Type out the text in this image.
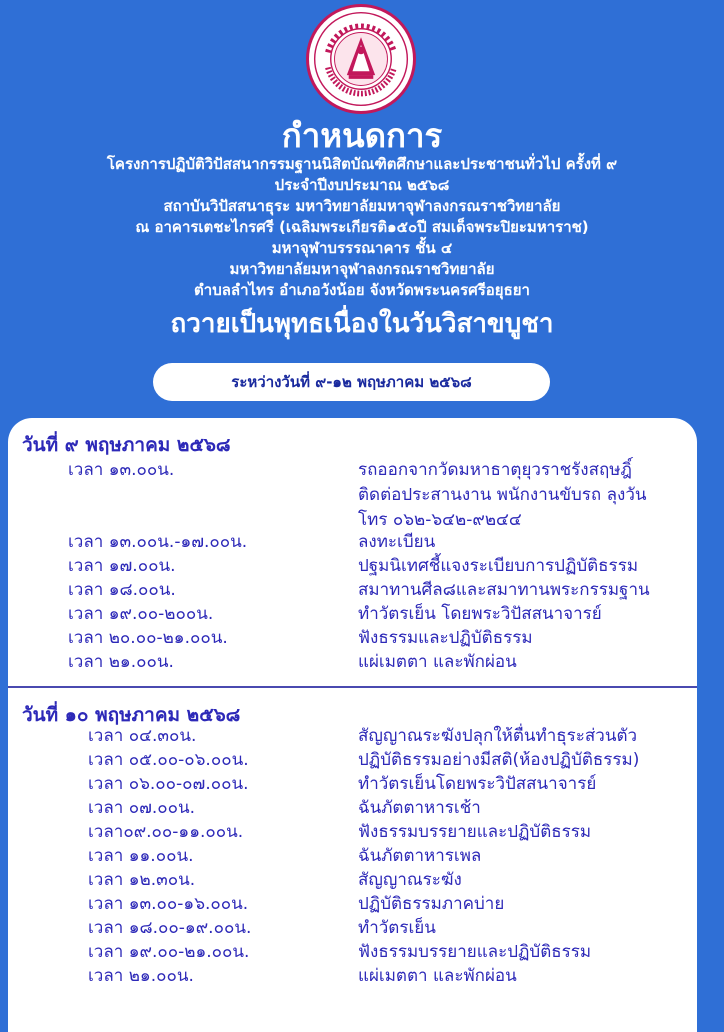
กำหนดการ
โครงการปฏิบัติวิปัสสนากรรมฐานนิสิตบัณฑิตศึกษาและประชาชนทั่วไป ครั้งที่ ๙
ประจำปีงบประมาณ ๒๕๖๘
สถาบันวิปัสสนาธุระ มหาวิทยาลัยมหาจุฬาลงกรณราชวิทยาลัย
ณ อาคารเตชะไกรศรี (เฉลิมพระเกียรติ๑๕๐ปี สมเด็จพระปิยะมหาราช)
มหาจุฬาบรรรณาคาร ชั้น ๔
มหาวิทยาลัยมหาจุฬาลงกรณราชวิทยาลัย
ตำบลลำไทร อำเภอวังน้อย จังหวัดพระนครศรีอยุธยา
ถวายเป็นพุทธเนื่องในวันวิสาขบูชา
ระหว่างวันที่ ๙-๑๒ พฤษภาคม ๒๕๖๘
วันที่ ๙ พฤษภาคม ๒๕๖๘
เวลา ๑๓.๐๐น.	รถออกจากวัดมหาธาตุยุวราชรังสฤษฎิ์
ติดต่อประสานงาน พนักงานขับรถ ลุงวัน
โทร ๐๖๒-๖๔๒-๙๒๔๔
เวลา ๑๓.๐๐น.-๑๗.๐๐น.	ลงทะเบียน
เวลา ๑๗.๐๐น.	ปฐมนิเทศชี้แจงระเบียบการปฏิบัติธรรม
เวลา ๑๘.๐๐น.	สมาทานศีล๘และสมาทานพระกรรมฐาน
เวลา ๑๙.๐๐-๒๐๐น.	ทำวัตรเย็น โดยพระวิปัสสนาจารย์
เวลา ๒๐.๐๐-๒๑.๐๐น.	ฟังธรรมและปฏิบัติธรรม
เวลา ๒๑.๐๐น.	แผ่เมตตา และพักผ่อน
วันที่ ๑๐ พฤษภาคม ๒๕๖๘
เวลา ๐๔.๓๐น.	สัญญาณระฆังปลุกให้ตื่นทำธุระส่วนตัว
เวลา ๐๕.๐๐-๐๖.๐๐น.	ปฏิบัติธรรมอย่างมีสติ(ห้องปฏิบัติธรรม)
เวลา ๐๖.๐๐-๐๗.๐๐น.	ทำวัตรเย็นโดยพระวิปัสสนาจารย์
เวลา ๐๗.๐๐น.	ฉันภัตตาหารเช้า
เวลา๐๙.๐๐-๑๑.๐๐น.	ฟังธรรมบรรยายและปฏิบัติธรรม
เวลา ๑๑.๐๐น.	ฉันภัตตาหารเพล
เวลา ๑๒.๓๐น.	สัญญาณระฆัง
เวลา ๑๓.๐๐-๑๖.๐๐น.	ปฏิบัติธรรมภาคบ่าย
เวลา ๑๘.๐๐-๑๙.๐๐น.	ทำวัตรเย็น
เวลา ๑๙.๐๐-๒๑.๐๐น.	ฟังธรรมบรรยายและปฏิบัติธรรม
เวลา ๒๑.๐๐น.	แผ่เมตตา และพักผ่อน
